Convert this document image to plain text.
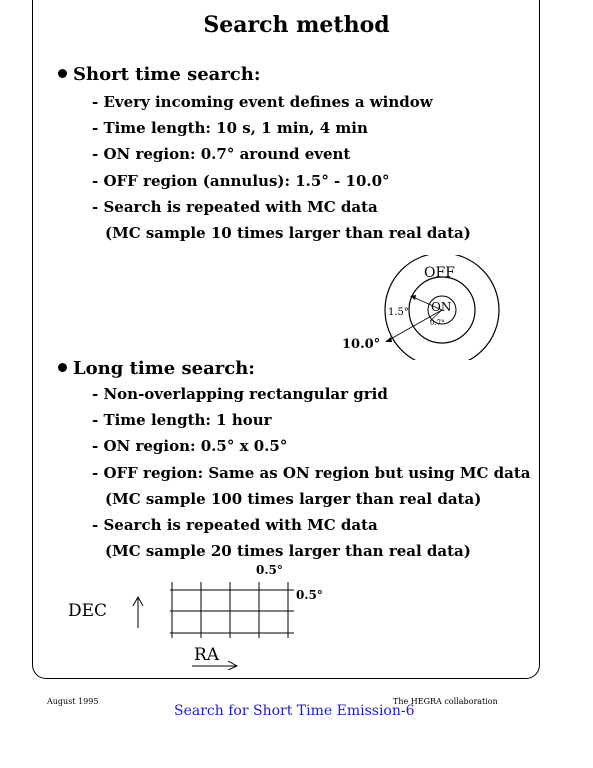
Search method
Short time search:
- Every incoming event defines a window
- Time length: 10 s, 1 min, 4 min
- ON region: 0.7° around event
- OFF region (annulus): 1.5° - 10.0°
- Search is repeated with MC data
(MC sample 10 times larger than real data)
OFF
ON
1.5°
10.0°
0.7°
Long time search:
- Non-overlapping rectangular grid
- Time length: 1 hour
- ON region: 0.5° x 0.5°
- OFF region: Same as ON region but using MC data
(MC sample 100 times larger than real data)
- Search is repeated with MC data
(MC sample 20 times larger than real data)
0.5°
0.5°
DEC
RA
August 1995	The HEGRA collaboration
Search for Short Time Emission-6
